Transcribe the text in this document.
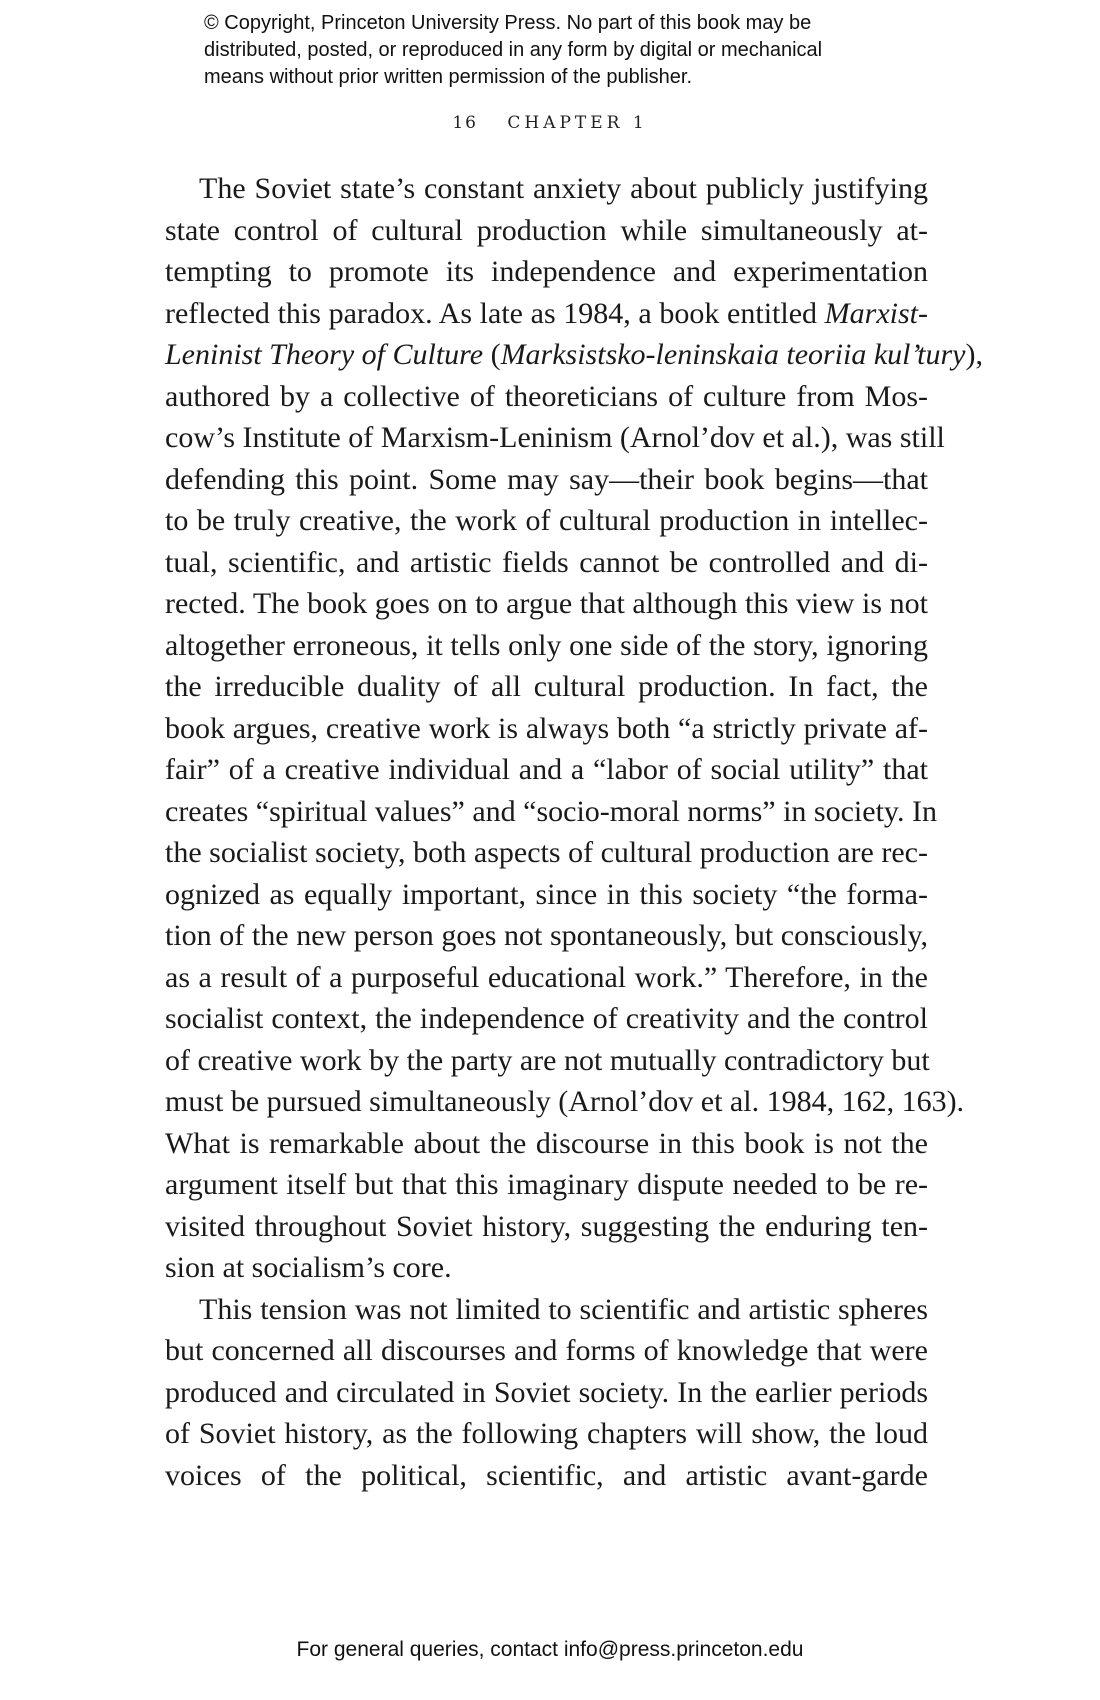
© Copyright, Princeton University Press. No part of this book may be
distributed, posted, or reproduced in any form by digital or mechanical
means without prior written permission of the publisher.
16 CHAPTER 1
The Soviet state’s constant anxiety about publicly justifying
state control of cultural production while simultaneously at-
tempting to promote its independence and experimentation
reflected this paradox. As late as 1984, a book entitled Marxist-
Leninist Theory of Culture (Marksistsko-leninskaia teoriia kul’tury),
authored by a collective of theoreticians of culture from Mos-
cow’s Institute of Marxism-Leninism (Arnol’dov et al.), was still
defending this point. Some may say—their book begins—that
to be truly creative, the work of cultural production in intellec-
tual, scientific, and artistic fields cannot be controlled and di-
rected. The book goes on to argue that although this view is not
altogether erroneous, it tells only one side of the story, ignoring
the irreducible duality of all cultural production. In fact, the
book argues, creative work is always both “a strictly private af-
fair” of a creative individual and a “labor of social utility” that
creates “spiritual values” and “socio-moral norms” in society. In
the socialist society, both aspects of cultural production are rec-
ognized as equally important, since in this society “the forma-
tion of the new person goes not spontaneously, but consciously,
as a result of a purposeful educational work.” Therefore, in the
socialist context, the independence of creativity and the control
of creative work by the party are not mutually contradictory but
must be pursued simultaneously (Arnol’dov et al. 1984, 162, 163).
What is remarkable about the discourse in this book is not the
argument itself but that this imaginary dispute needed to be re-
visited throughout Soviet history, suggesting the enduring ten-
sion at socialism’s core.
This tension was not limited to scientific and artistic spheres
but concerned all discourses and forms of knowledge that were
produced and circulated in Soviet society. In the earlier periods
of Soviet history, as the following chapters will show, the loud
voices of the political, scientific, and artistic avant-garde
For general queries, contact info@press.princeton.edu
